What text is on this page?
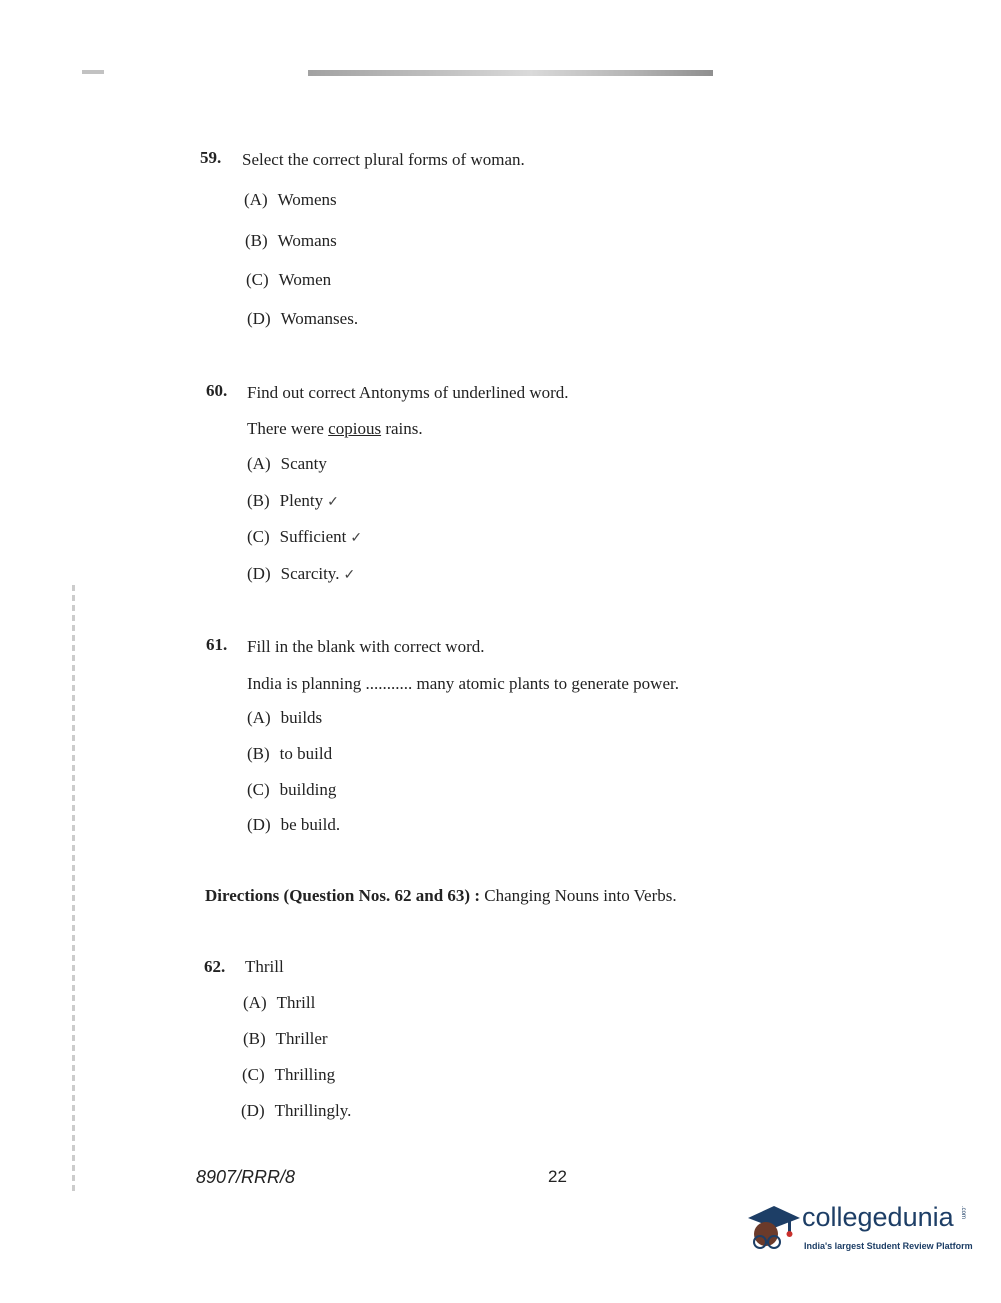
59. Select the correct plural forms of woman.
(A) Womens
(B) Womans
(C) Women
(D) Womanses.
60. Find out correct Antonyms of underlined word.
There were copious rains.
(A) Scanty
(B) Plenty ✓
(C) Sufficient ✓
(D) Scarcity. ✓
61. Fill in the blank with correct word.
India is planning ........... many atomic plants to generate power.
(A) builds
(B) to build
(C) building
(D) be build.
Directions (Question Nos. 62 and 63) : Changing Nouns into Verbs.
62. Thrill
(A) Thrill
(B) Thriller
(C) Thrilling
(D) Thrillingly.
8907/RRR/8	22
collegedunia .com
India's largest Student Review Platform
